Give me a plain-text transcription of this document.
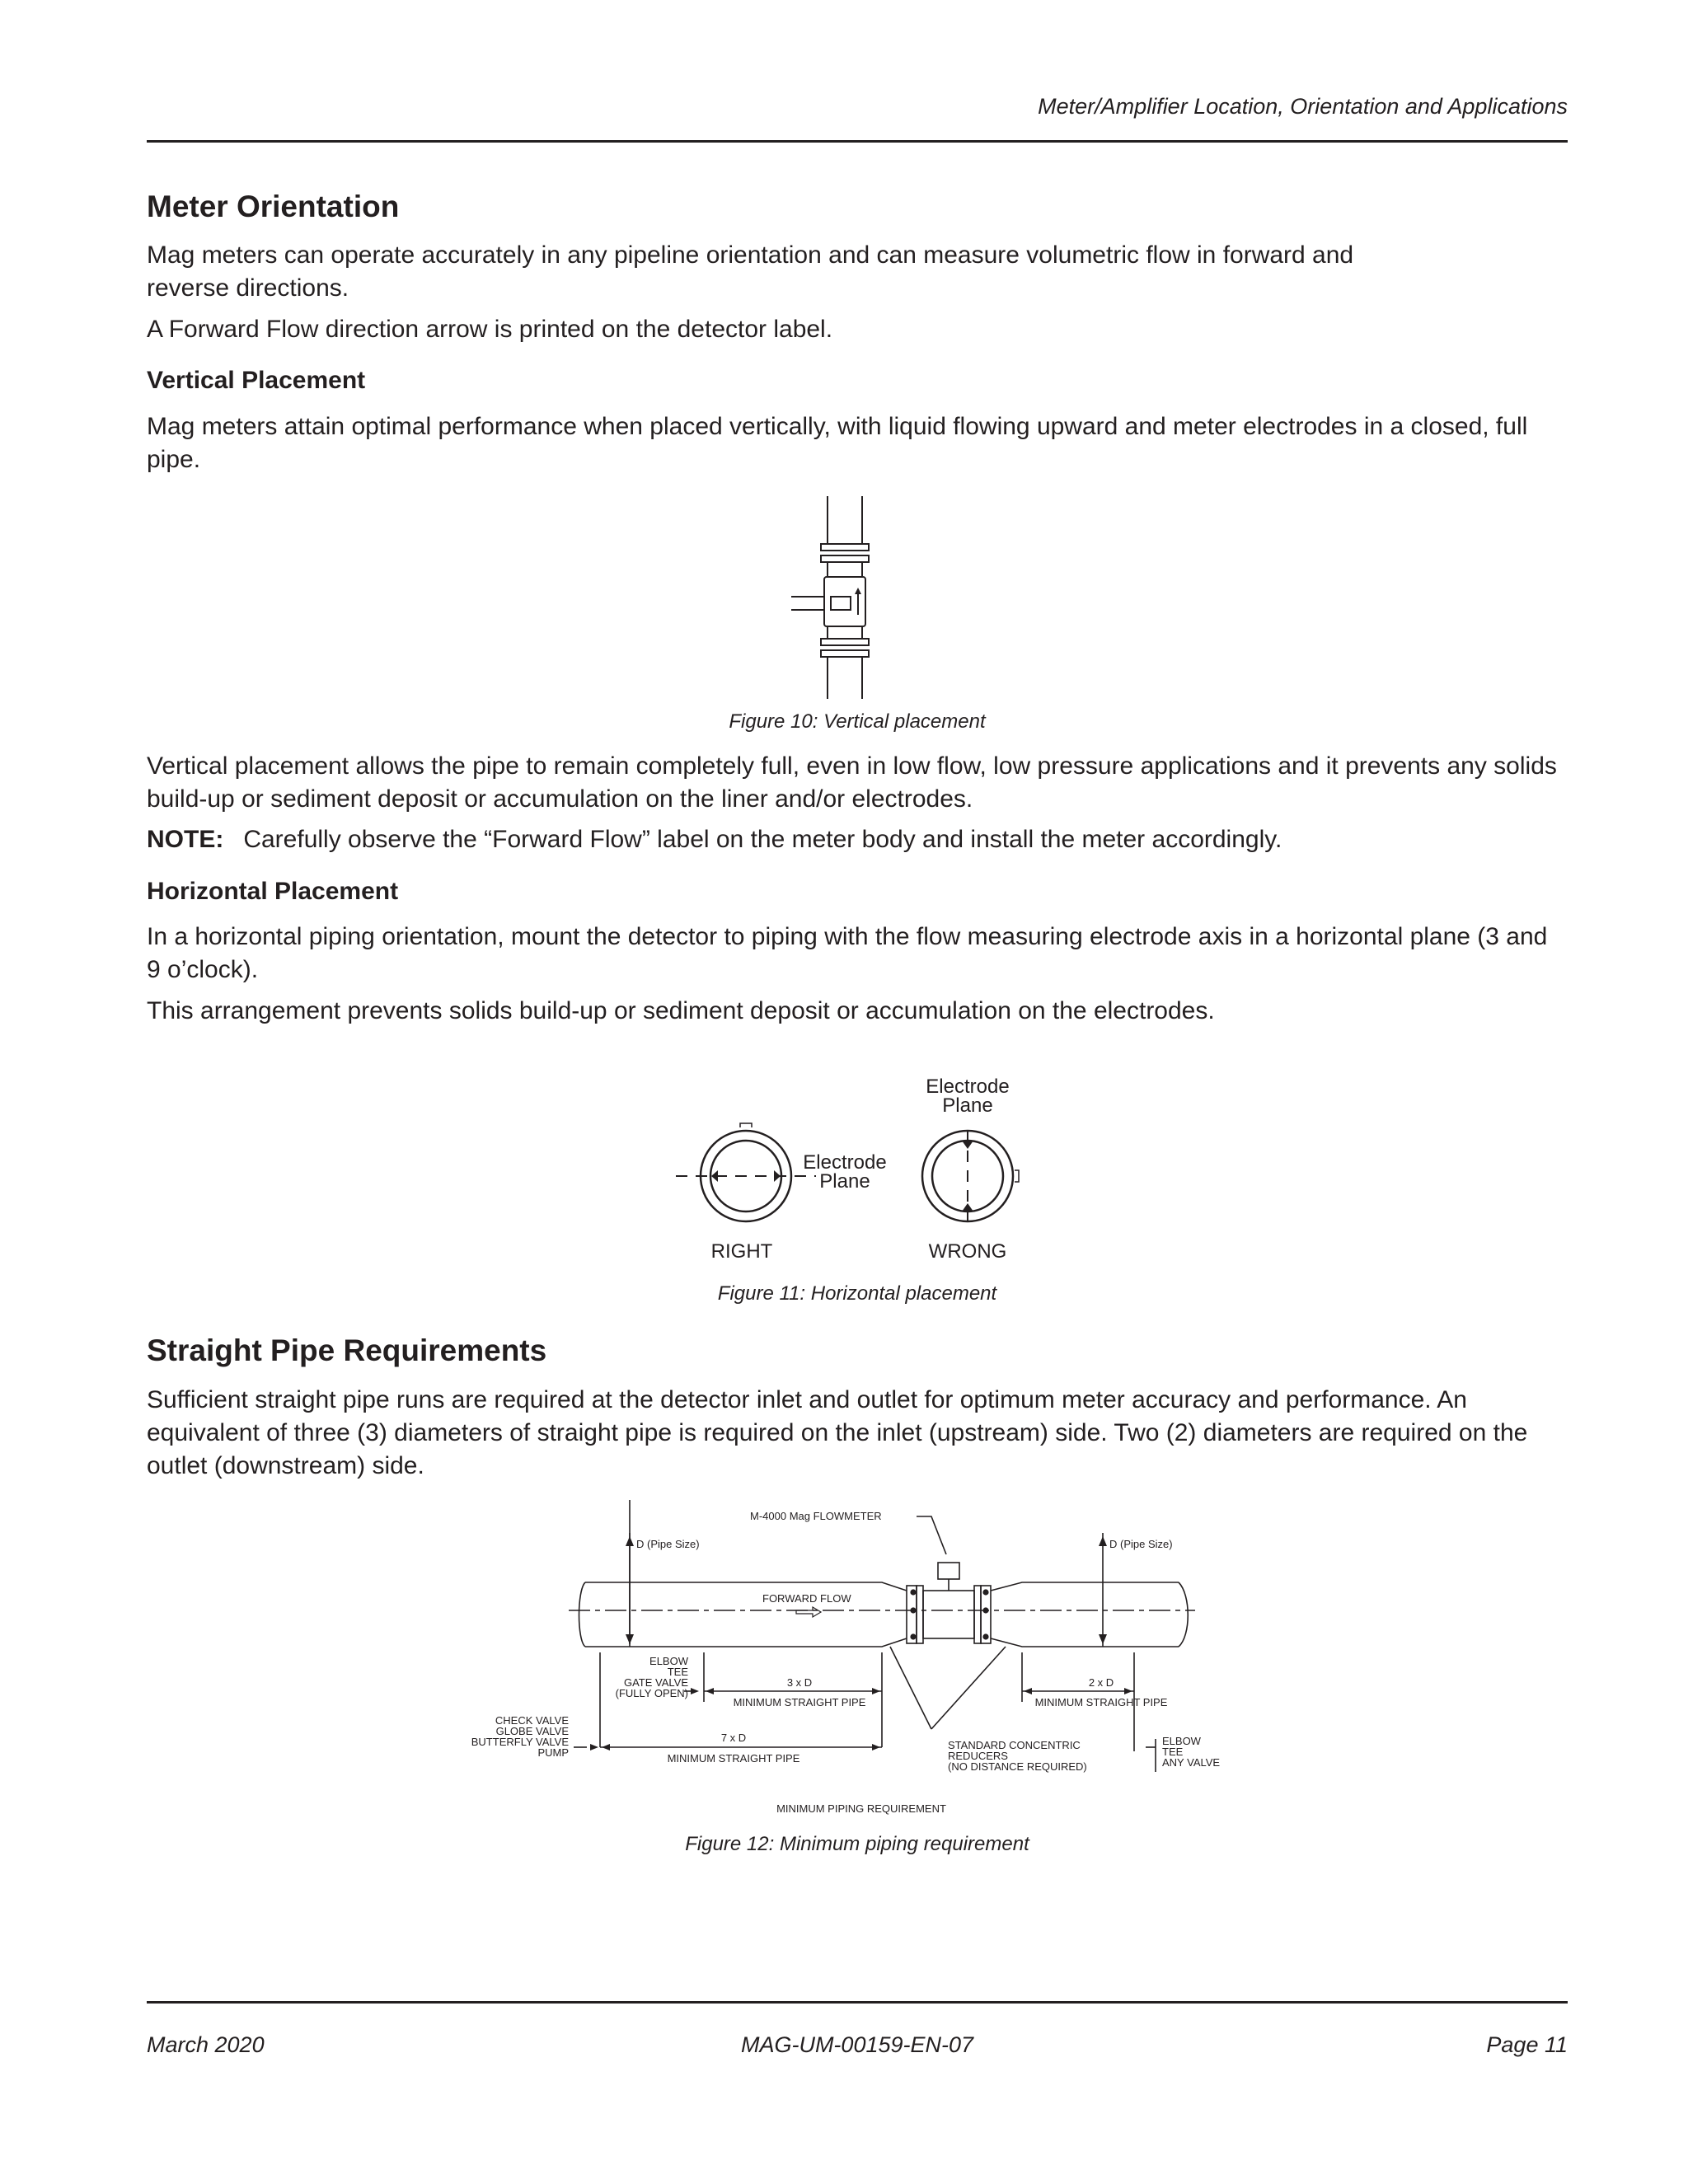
Meter/Amplifier Location, Orientation and Applications
Meter Orientation
Mag meters can operate accurately in any pipeline orientation and can measure volumetric flow in forward and reverse directions.
A Forward Flow direction arrow is printed on the detector label.
Vertical Placement
Mag meters attain optimal performance when placed vertically, with liquid flowing upward and meter electrodes in a closed, full pipe.
Figure 10: Vertical placement
Vertical placement allows the pipe to remain completely full, even in low flow, low pressure applications and it prevents any solids build-up or sediment deposit or accumulation on the liner and/or electrodes.
NOTE: Carefully observe the “Forward Flow” label on the meter body and install the meter accordingly.
Horizontal Placement
In a horizontal piping orientation, mount the detector to piping with the flow measuring electrode axis in a horizontal plane (3 and 9 o’clock).
This arrangement prevents solids build-up or sediment deposit or accumulation on the electrodes.
Electrode
Plane
Electrode
Plane
RIGHT	WRONG
Figure 11: Horizontal placement
Straight Pipe Requirements
Sufficient straight pipe runs are required at the detector inlet and outlet for optimum meter accuracy and performance. An equivalent of three (3) diameters of straight pipe is required on the inlet (upstream) side. Two (2) diameters are required on the outlet (downstream) side.
M-4000 Mag FLOWMETER
D (Pipe Size)	D (Pipe Size)
FORWARD FLOW
ELBOW
TEE
GATE VALVE
(FULLY OPEN)
3 x D
MINIMUM STRAIGHT PIPE
2 x D
MINIMUM STRAIGHT PIPE
CHECK VALVE
GLOBE VALVE
BUTTERFLY VALVE
PUMP
7 x D
MINIMUM STRAIGHT PIPE
STANDARD CONCENTRIC
REDUCERS
(NO DISTANCE REQUIRED)
ELBOW
TEE
ANY VALVE
MINIMUM PIPING REQUIREMENT
Figure 12: Minimum piping requirement
March 2020	MAG-UM-00159-EN-07	Page 11
